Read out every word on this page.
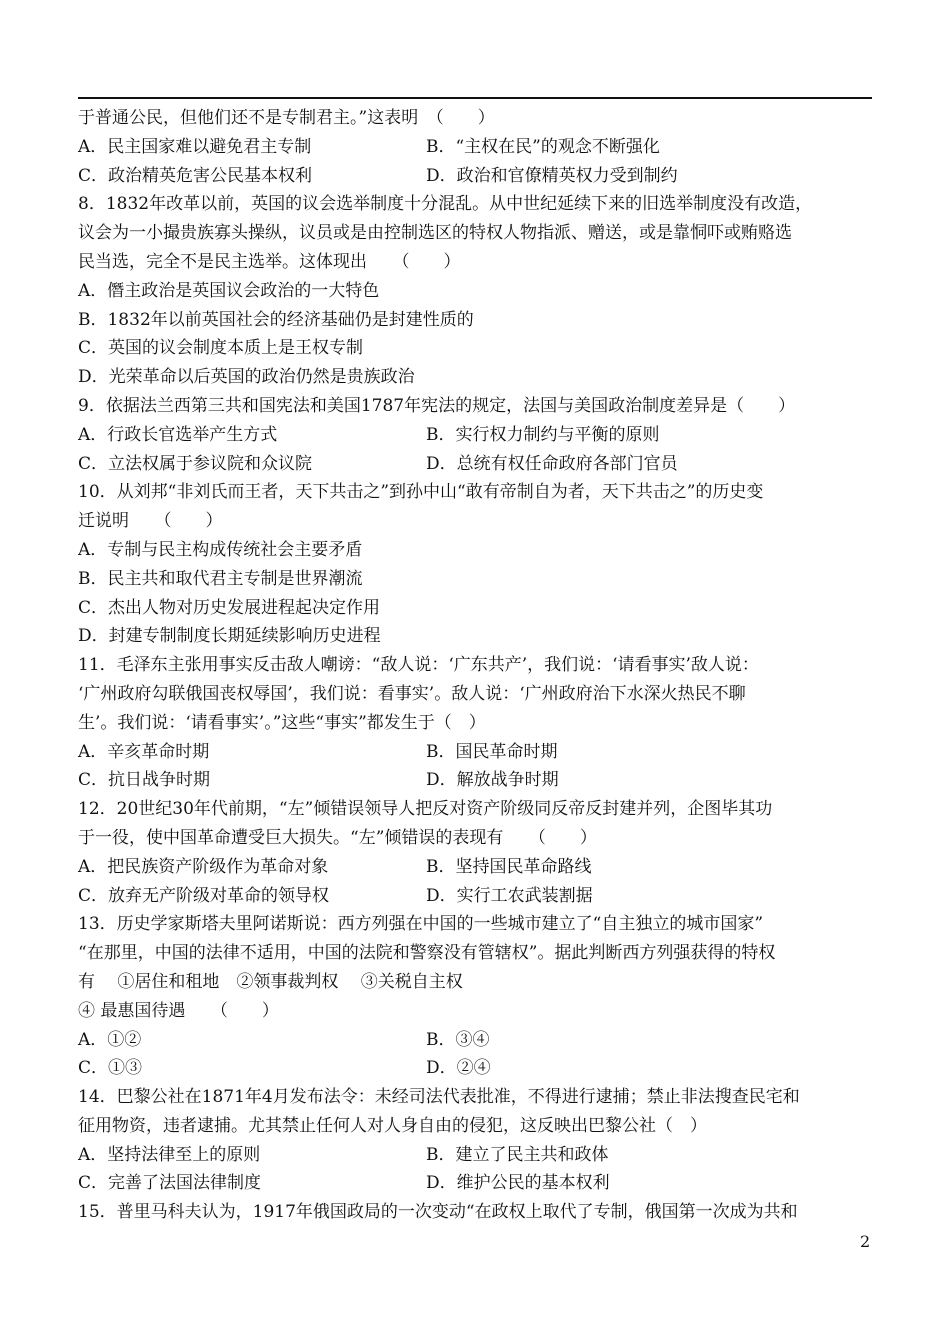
于普通公民，但他们还不是专制君主。”这表明　（　　）
A．民主国家难以避免君主专制	B．“主权在民”的观念不断强化
C．政治精英危害公民基本权利	D．政治和官僚精英权力受到制约
8．1832年改革以前，英国的议会选举制度十分混乱。从中世纪延续下来的旧选举制度没有改造，
议会为一小撮贵族寡头操纵，议员或是由控制选区的特权人物指派、赠送，或是靠恫吓或贿赂选
民当选，完全不是民主选举。这体现出　　（　　）
A．僭主政治是英国议会政治的一大特色
B．1832年以前英国社会的经济基础仍是封建性质的
C．英国的议会制度本质上是王权专制
D．光荣革命以后英国的政治仍然是贵族政治
9．依据法兰西第三共和国宪法和美国1787年宪法的规定，法国与美国政治制度差异是（　　）
A．行政长官选举产生方式	B．实行权力制约与平衡的原则
C．立法权属于参议院和众议院	D．总统有权任命政府各部门官员
10．从刘邦“非刘氏而王者，天下共击之”到孙中山“敢有帝制自为者，天下共击之”的历史变
迁说明　　（　　）
A．专制与民主构成传统社会主要矛盾
B．民主共和取代君主专制是世界潮流
C．杰出人物对历史发展进程起决定作用
D．封建专制制度长期延续影响历史进程
11．毛泽东主张用事实反击敌人嘲谤：“敌人说：‘广东共产’，我们说：‘请看事实’敌人说：
‘广州政府勾联俄国丧权辱国’，我们说：看事实’。敌人说：‘广州政府治下水深火热民不聊
生’。我们说：‘请看事实’。”这些“事实”都发生于（　）
A．辛亥革命时期	B．国民革命时期
C．抗日战争时期	D．解放战争时期
12．20世纪30年代前期，“左”倾错误领导人把反对资产阶级同反帝反封建并列，企图毕其功
于一役，使中国革命遭受巨大损失。“左”倾错误的表现有　　（　　）
A．把民族资产阶级作为革命对象	B．坚持国民革命路线
C．放弃无产阶级对革命的领导权	D．实行工农武装割据
13．历史学家斯塔夫里阿诺斯说：西方列强在中国的一些城市建立了“自主独立的城市国家”
“在那里，中国的法律不适用，中国的法院和警察没有管辖权”。据此判断西方列强获得的特权
有　 ①居住和租地　②领事裁判权　 ③关税自主权
④ 最惠国待遇　　（　　）
A．①②	B．③④
C．①③	D．②④
14．巴黎公社在1871年4月发布法令：未经司法代表批准，不得进行逮捕；禁止非法搜查民宅和
征用物资，违者逮捕。尤其禁止任何人对人身自由的侵犯，这反映出巴黎公社（　）
A．坚持法律至上的原则	B．建立了民主共和政体
C．完善了法国法律制度	D．维护公民的基本权利
15．普里马科夫认为，1917年俄国政局的一次变动“在政权上取代了专制，俄国第一次成为共和
2
